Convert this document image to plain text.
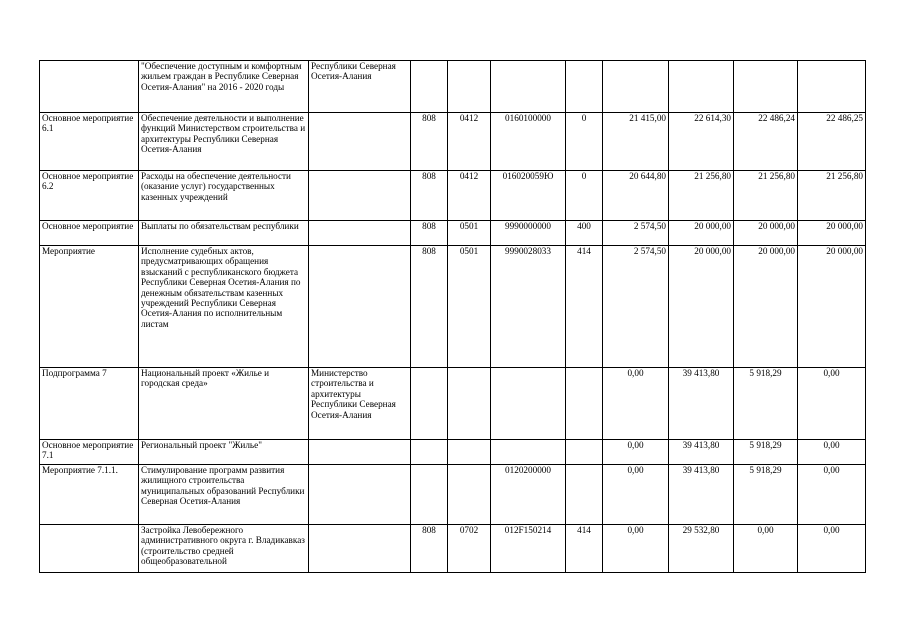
	"Обеспечение доступным и комфортным жильем граждан в Республике Северная Осетия-Алания" на 2016 - 2020 годы	Республики Северная Осетия-Алания								
Основное мероприятие 6.1	Обеспечение деятельности и выполнение функций Министерством строительства и архитектуры Республики Северная Осетия-Алания		808	0412	0160100000	0	21 415,00	22 614,30	22 486,24	22 486,25
Основное мероприятие 6.2	Расходы на обеспечение деятельности (оказание услуг) государственных казенных учреждений		808	0412	016020059Ю	0	20 644,80	21 256,80	21 256,80	21 256,80
Основное мероприятие	Выплаты по обязательствам республики		808	0501	9990000000	400	2 574,50	20 000,00	20 000,00	20 000,00
Мероприятие	Исполнение судебных актов, предусматривающих обращения взысканий с республиканского бюджета Республики Северная Осетия-Алания по денежным обязательствам казенных учреждений Республики Северная Осетия-Алания по исполнительным листам		808	0501	9990028033	414	2 574,50	20 000,00	20 000,00	20 000,00
Подпрограмма 7	Национальный проект «Жилье и городская среда»	Министерство строительства и архитектуры Республики Северная Осетия-Алания					0,00	39 413,80	5 918,29	0,00
Основное мероприятие 7.1	Региональный проект "Жилье"						0,00	39 413,80	5 918,29	0,00
Мероприятие 7.1.1.	Стимулирование программ развития жилищного строительства муниципальных образований Республики Северная Осетия-Алания				0120200000		0,00	39 413,80	5 918,29	0,00
	Застройка Левобережного административного округа г. Владикавказ (строительство средней общеобразовательной		808	0702	012F150214	414	0,00	29 532,80	0,00	0,00
